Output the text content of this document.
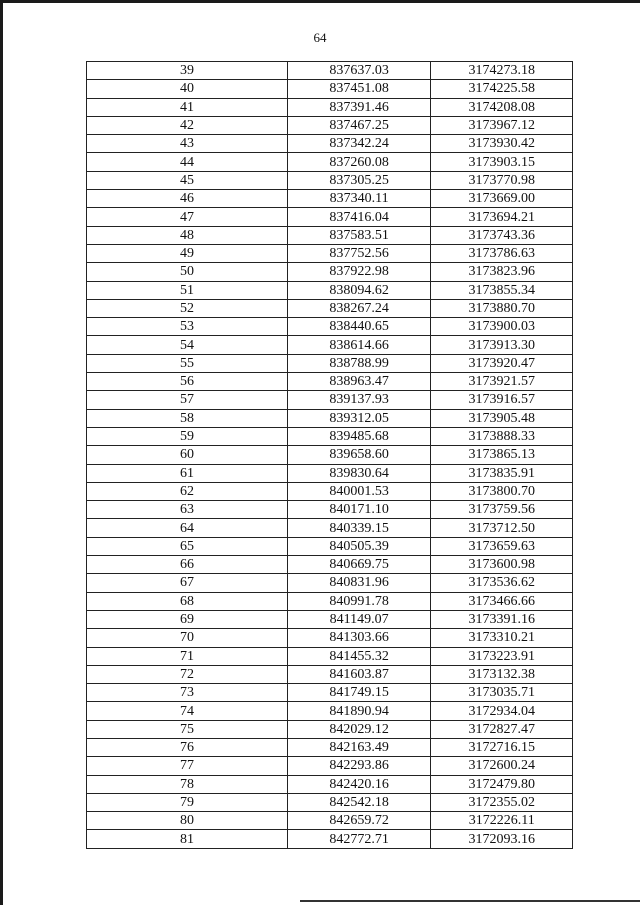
64
39	837637.03	3174273.18
40	837451.08	3174225.58
41	837391.46	3174208.08
42	837467.25	3173967.12
43	837342.24	3173930.42
44	837260.08	3173903.15
45	837305.25	3173770.98
46	837340.11	3173669.00
47	837416.04	3173694.21
48	837583.51	3173743.36
49	837752.56	3173786.63
50	837922.98	3173823.96
51	838094.62	3173855.34
52	838267.24	3173880.70
53	838440.65	3173900.03
54	838614.66	3173913.30
55	838788.99	3173920.47
56	838963.47	3173921.57
57	839137.93	3173916.57
58	839312.05	3173905.48
59	839485.68	3173888.33
60	839658.60	3173865.13
61	839830.64	3173835.91
62	840001.53	3173800.70
63	840171.10	3173759.56
64	840339.15	3173712.50
65	840505.39	3173659.63
66	840669.75	3173600.98
67	840831.96	3173536.62
68	840991.78	3173466.66
69	841149.07	3173391.16
70	841303.66	3173310.21
71	841455.32	3173223.91
72	841603.87	3173132.38
73	841749.15	3173035.71
74	841890.94	3172934.04
75	842029.12	3172827.47
76	842163.49	3172716.15
77	842293.86	3172600.24
78	842420.16	3172479.80
79	842542.18	3172355.02
80	842659.72	3172226.11
81	842772.71	3172093.16
